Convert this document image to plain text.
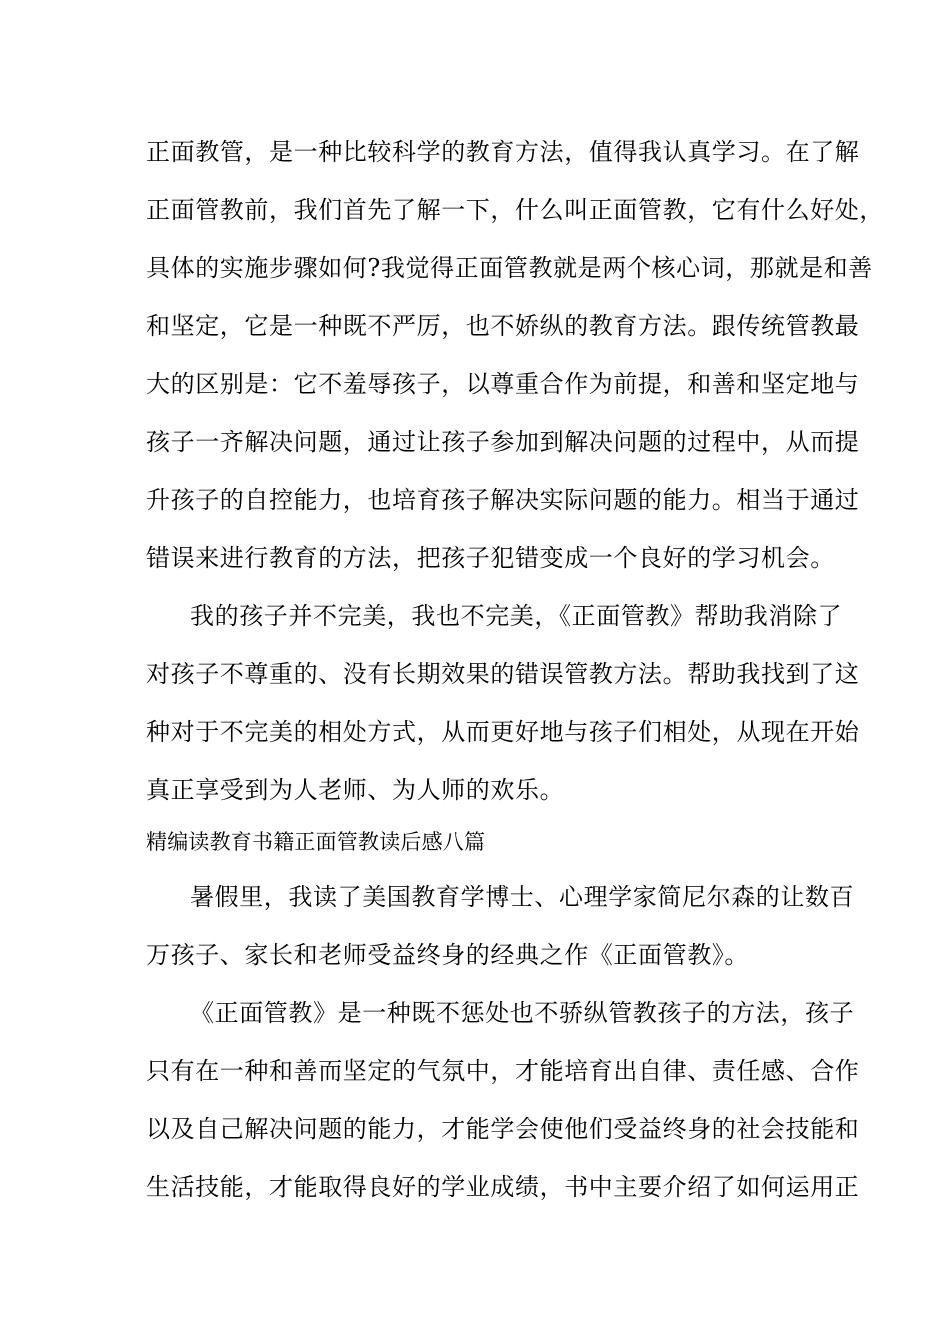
正面教管，是一种比较科学的教育方法，值得我认真学习。在了解
正面管教前，我们首先了解一下，什么叫正面管教，它有什么好处，
具体的实施步骤如何?我觉得正面管教就是两个核心词，那就是和善
和坚定，它是一种既不严厉，也不娇纵的教育方法。跟传统管教最
大的区别是：它不羞辱孩子，以尊重合作为前提，和善和坚定地与
孩子一齐解决问题，通过让孩子参加到解决问题的过程中，从而提
升孩子的自控能力，也培育孩子解决实际问题的能力。相当于通过
错误来进行教育的方法，把孩子犯错变成一个良好的学习机会。
我的孩子并不完美，我也不完美，《正面管教》帮助我消除了
对孩子不尊重的、没有长期效果的错误管教方法。帮助我找到了这
种对于不完美的相处方式，从而更好地与孩子们相处，从现在开始
真正享受到为人老师、为人师的欢乐。
精编读教育书籍正面管教读后感八篇
暑假里，我读了美国教育学博士、心理学家简尼尔森的让数百
万孩子、家长和老师受益终身的经典之作《正面管教》。
《正面管教》是一种既不惩处也不骄纵管教孩子的方法，孩子
只有在一种和善而坚定的气氛中，才能培育出自律、责任感、合作
以及自己解决问题的能力，才能学会使他们受益终身的社会技能和
生活技能，才能取得良好的学业成绩，书中主要介绍了如何运用正
